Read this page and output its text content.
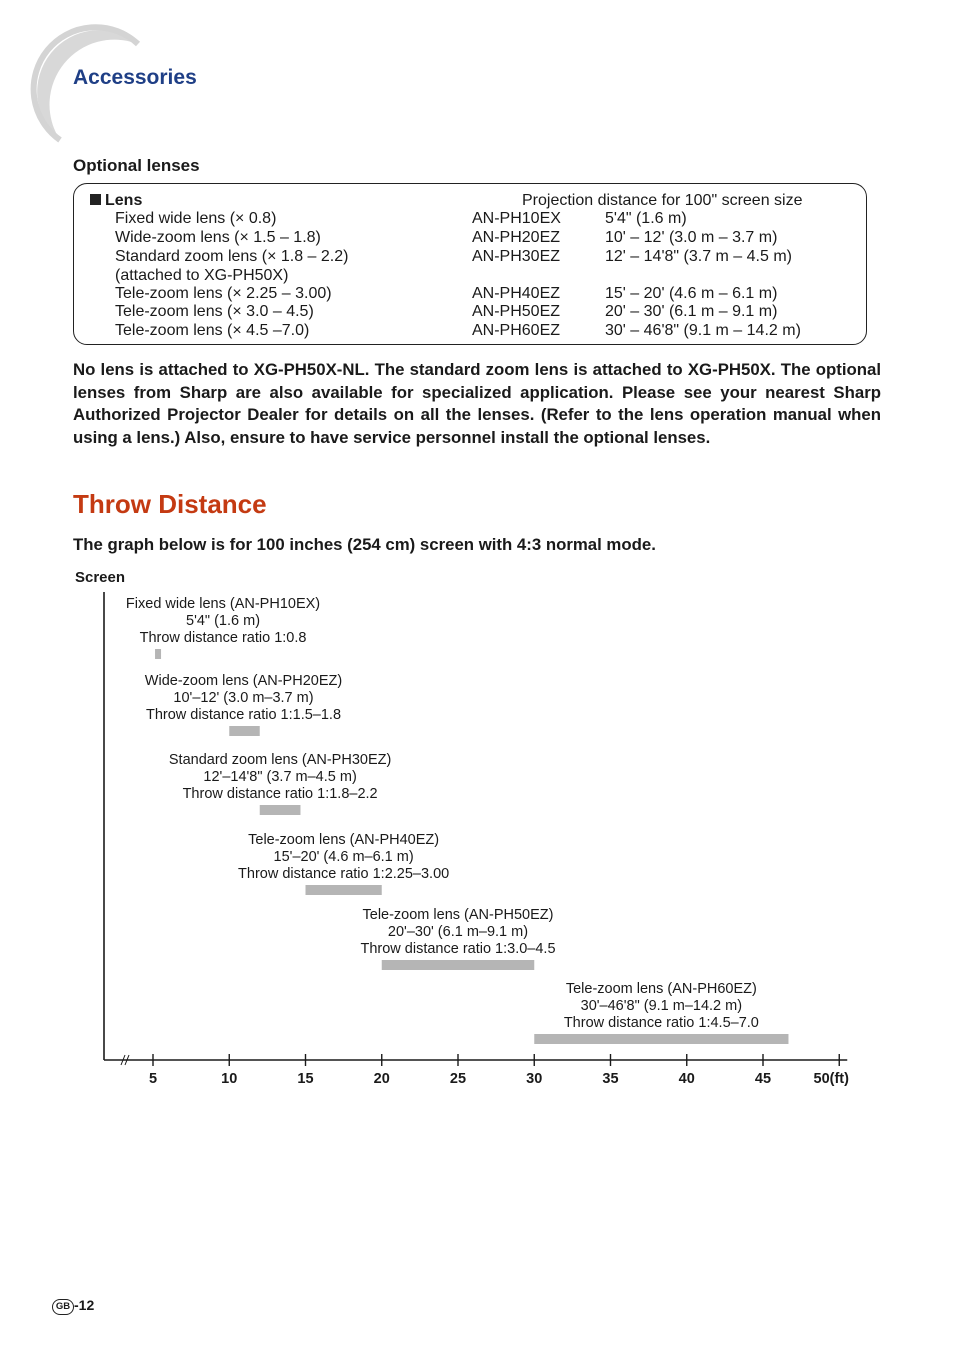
Accessories
Optional lenses
Lens	Projection distance for 100" screen size
Fixed wide lens (× 0.8)	AN-PH10EX	5'4" (1.6 m)
Wide-zoom lens (× 1.5 – 1.8)	AN-PH20EZ	10' – 12' (3.0 m – 3.7 m)
Standard zoom lens (× 1.8 – 2.2)	AN-PH30EZ	12' – 14'8" (3.7 m – 4.5 m)
(attached to XG-PH50X)
Tele-zoom lens (× 2.25 – 3.00)	AN-PH40EZ	15' – 20' (4.6 m – 6.1 m)
Tele-zoom lens (× 3.0 – 4.5)	AN-PH50EZ	20' – 30' (6.1 m – 9.1 m)
Tele-zoom lens (× 4.5 –7.0)	AN-PH60EZ	30' – 46'8" (9.1 m – 14.2 m)

No lens is attached to XG-PH50X-NL. The standard zoom lens is attached to XG-PH50X. The optional lenses from Sharp are also available for specialized application. Please see your nearest Sharp Authorized Projector Dealer for details on all the lenses. (Refer to the lens operation manual when using a lens.) Also, ensure to have service personnel install the optional lenses.

Throw Distance
The graph below is for 100 inches (254 cm) screen with 4:3 normal mode.
Screen
5	10	15	20	25	30	35	40	45	50(ft)
Fixed wide lens (AN-PH10EX)
5'4" (1.6 m)
Throw distance ratio 1:0.8
Wide-zoom lens (AN-PH20EZ)
10'–12' (3.0 m–3.7 m)
Throw distance ratio 1:1.5–1.8
Standard zoom lens (AN-PH30EZ)
12'–14'8" (3.7 m–4.5 m)
Throw distance ratio 1:1.8–2.2
Tele-zoom lens (AN-PH40EZ)
15'–20' (4.6 m–6.1 m)
Throw distance ratio 1:2.25–3.00
Tele-zoom lens (AN-PH50EZ)
20'–30' (6.1 m–9.1 m)
Throw distance ratio 1:3.0–4.5
Tele-zoom lens (AN-PH60EZ)
30'–46'8" (9.1 m–14.2 m)
Throw distance ratio 1:4.5–7.0
GB -12
